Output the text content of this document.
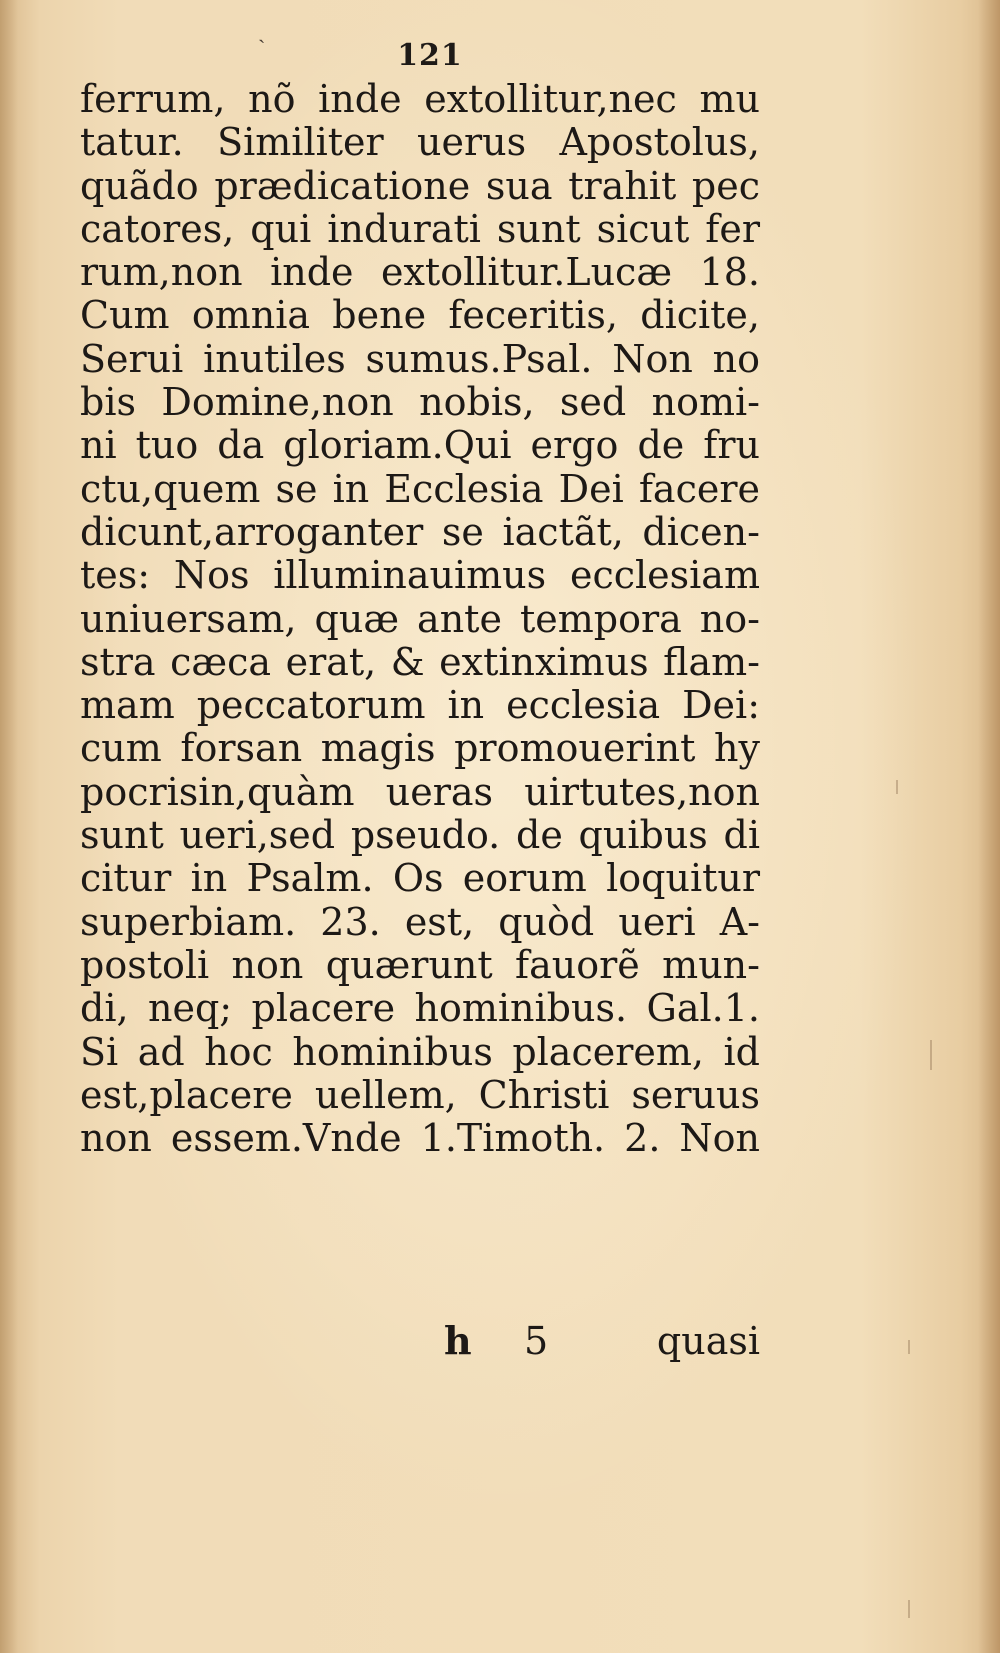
ˎ
121
ferrum, nõ inde extollitur,nec mu
tatur. Similiter uerus Apostolus,
quãdo prædicatione sua trahit pec
catores, qui indurati sunt sicut fer
rum,non inde extollitur.Lucæ 18.
Cum omnia bene feceritis, dicite,
Serui inutiles sumus.Psal. Non no
bis Domine,non nobis, sed nomi-
ni tuo da gloriam.Qui ergo de fru
ctu,quem se in Ecclesia Dei facere
dicunt,arroganter se iactãt, dicen-
tes: Nos illuminauimus ecclesiam
uniuersam, quæ ante tempora no-
stra cæca erat, & extinximus flam-
mam peccatorum in ecclesia Dei:
cum forsan magis promouerint hy
pocrisin,quàm ueras uirtutes,non
sunt ueri,sed pseudo. de quibus di
citur in Psalm. Os eorum loquitur
superbiam. 23. est, quòd ueri A-
postoli non quærunt fauorẽ mun-
di, neq; placere hominibus. Gal.1.
Si ad hoc hominibus placerem, id
est,placere uellem, Christi seruus
non essem.Vnde 1.Timoth. 2. Non
h 5	quasi
